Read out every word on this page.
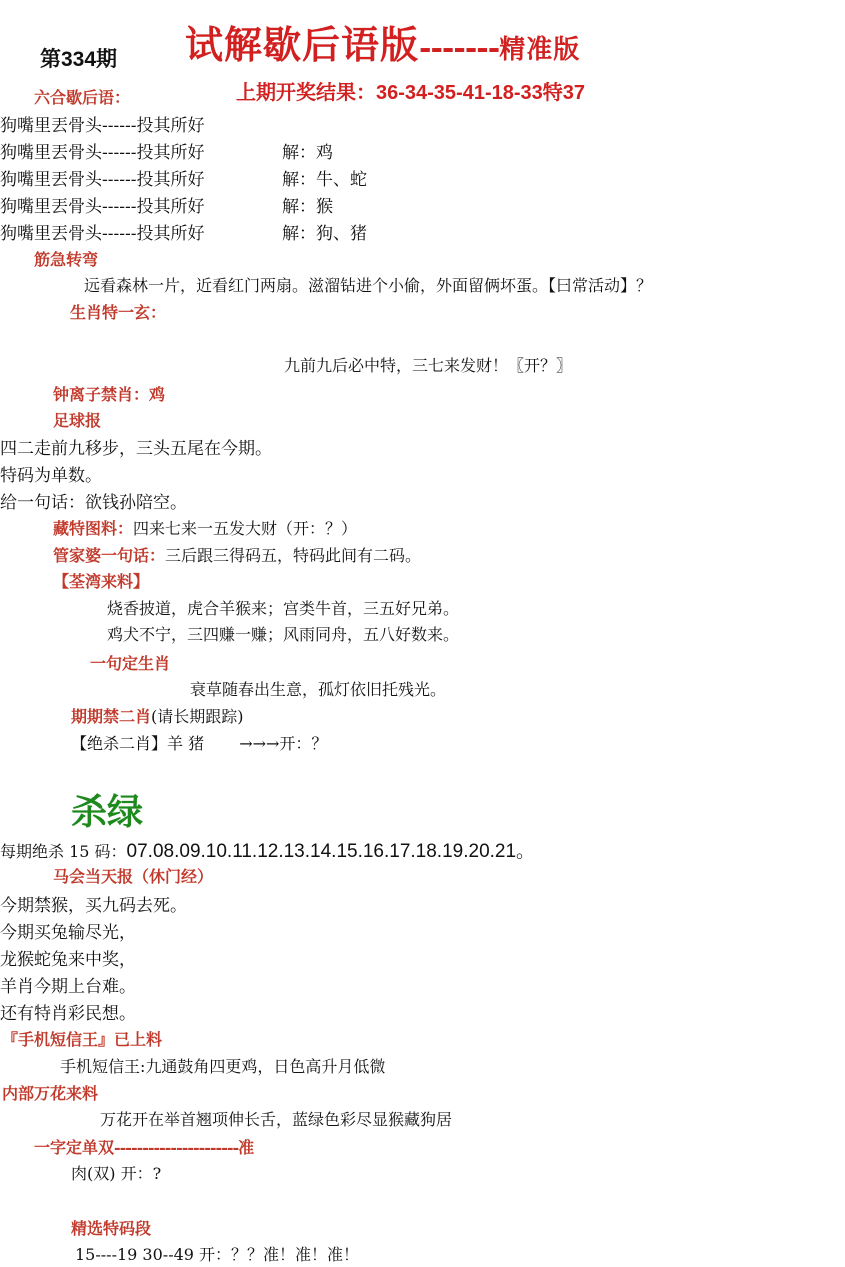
第334期 试解歇后语版-------精准版
上期开奖结果：36-34-35-41-18-33特37
六合歇后语：
狗嘴里丟骨头------投其所好
狗嘴里丟骨头------投其所好	解：鸡
狗嘴里丟骨头------投其所好	解：牛、蛇
狗嘴里丟骨头------投其所好	解：猴
狗嘴里丟骨头------投其所好	解：狗、猪
筋急转弯
远看森林一片，近看红门两扇。滋溜钻进个小偷，外面留俩坏蛋。【曰常活动】？
生肖特一玄：
九前九后必中特，三七来发财！〖开？〗
钟离子禁肖：鸡
足球报
四二走前九移步，三头五尾在今期。
特码为单数。
给一句话：欲钱孙陪空。
藏特图料：四来七来一五发大财（开：？）
管家婆一句话：三后跟三得码五，特码此间有二码。
【荃湾来料】
烧香披道，虎合羊猴来；宫类牛首，三五好兄弟。
鸡犬不宁，三四赚一赚；风雨同舟，五八好数来。
一句定生肖
衰草随春出生意，孤灯依旧托残光。
期期禁二肖(请长期跟踪)
【绝杀二肖】羊 猪 →→→开：？
杀绿
每期绝杀 15 码：07.08.09.10.11.12.13.14.15.16.17.18.19.20.21。
马会当天报（休门经）
今期禁猴，买九码去死。
今期买兔输尽光，
龙猴蛇兔来中奖，
羊肖今期上台难。
还有特肖彩民想。
『手机短信王』已上料
手机短信王:九通鼓角四更鸡，日色高升月低微
内部万花来料
万花开在举首翘项伸长舌，蓝绿色彩尽显猴藏狗居
一字定单双----------------------准
肉(双) 开：?
精选特码段
15----19 30--49 开：？？准！准！准！
